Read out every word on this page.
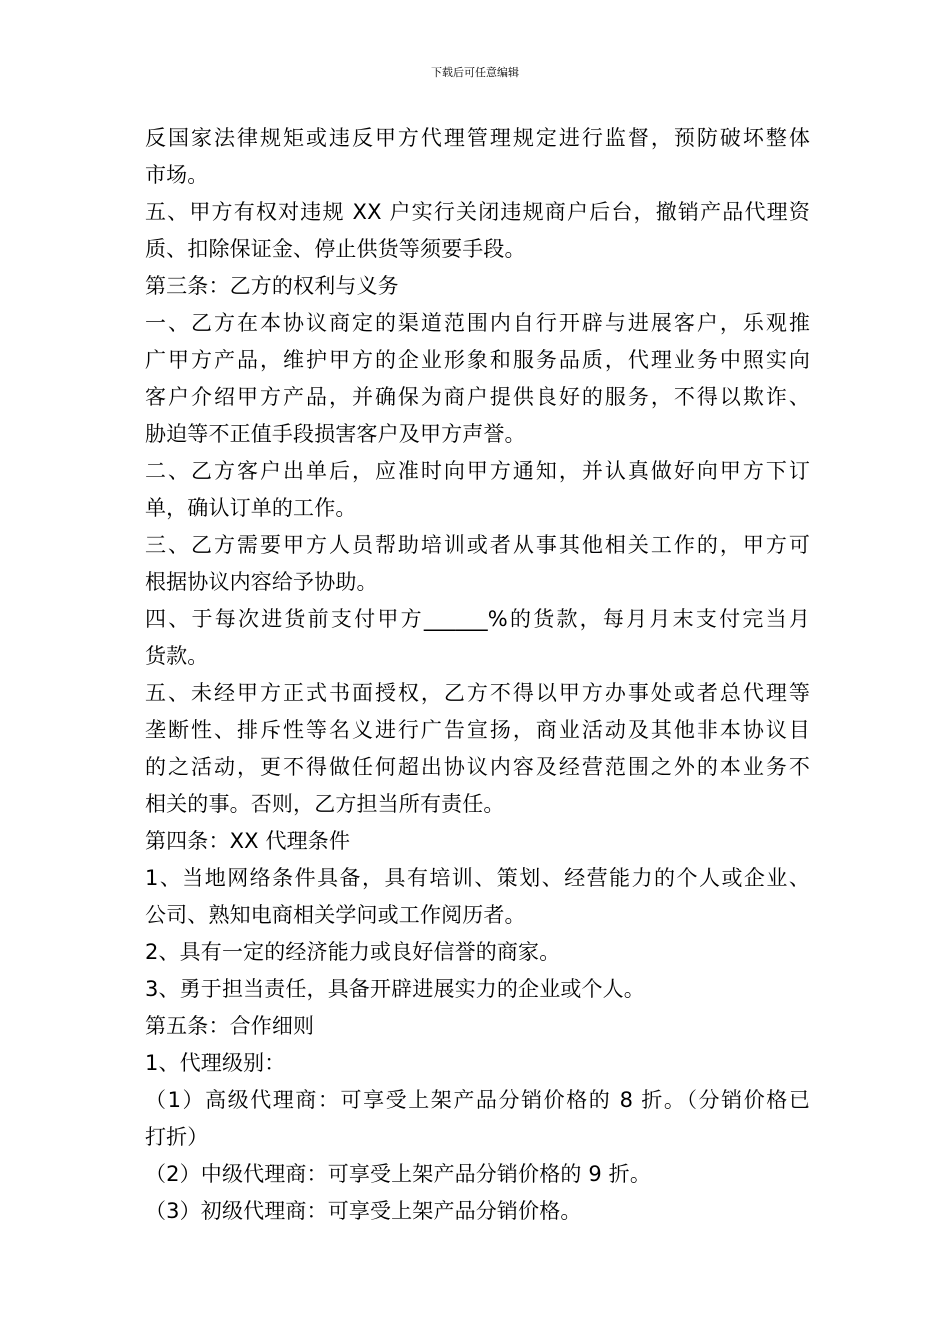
下载后可任意编辑
反国家法律规矩或违反甲方代理管理规定进行监督，预防破坏整体
市场。
五、甲方有权对违规 XX 户实行关闭违规商户后台，撤销产品代理资
质、扣除保证金、停止供货等须要手段。
第三条：乙方的权利与义务
一、乙方在本协议商定的渠道范围内自行开辟与进展客户，乐观推
广甲方产品，维护甲方的企业形象和服务品质，代理业务中照实向
客户介绍甲方产品，并确保为商户提供良好的服务，不得以欺诈、
胁迫等不正值手段损害客户及甲方声誉。
二、乙方客户出单后，应准时向甲方通知，并认真做好向甲方下订
单，确认订单的工作。
三、乙方需要甲方人员帮助培训或者从事其他相关工作的，甲方可
根据协议内容给予协助。
四、于每次进货前支付甲方______%的货款，每月月末支付完当月
货款。
五、未经甲方正式书面授权，乙方不得以甲方办事处或者总代理等
垄断性、排斥性等名义进行广告宣扬，商业活动及其他非本协议目
的之活动，更不得做任何超出协议内容及经营范围之外的本业务不
相关的事。否则，乙方担当所有责任。
第四条：XX 代理条件
1、当地网络条件具备，具有培训、策划、经营能力的个人或企业、
公司、熟知电商相关学问或工作阅历者。
2、具有一定的经济能力或良好信誉的商家。
3、勇于担当责任，具备开辟进展实力的企业或个人。
第五条：合作细则
1、代理级别：
（1）高级代理商：可享受上架产品分销价格的 8 折。（分销价格已
打折）
（2）中级代理商：可享受上架产品分销价格的 9 折。
（3）初级代理商：可享受上架产品分销价格。
